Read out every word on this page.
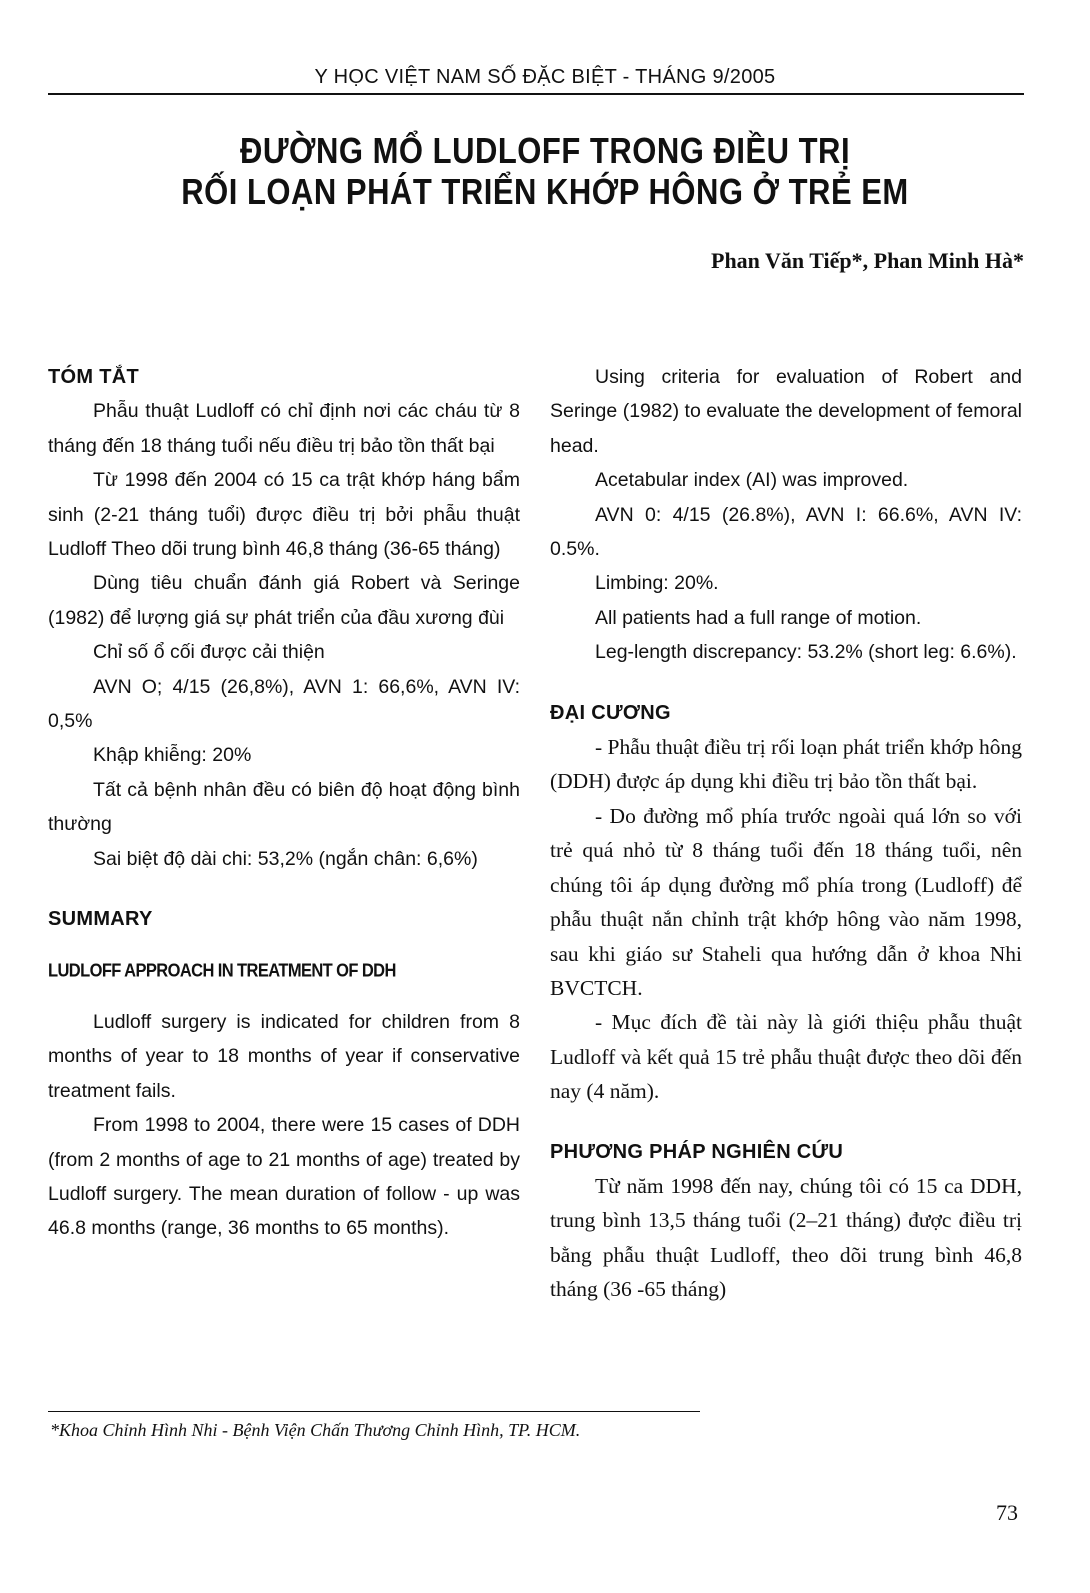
Y HỌC VIỆT NAM SỐ ĐẶC BIỆT - THÁNG 9/2005
ĐƯỜNG MỔ LUDLOFF TRONG ĐIỀU TRỊ
RỐI LOẠN PHÁT TRIỂN KHỚP HÔNG Ở TRẺ EM
Phan Văn Tiếp*, Phan Minh Hà*

TÓM TẮT

Phẫu thuật Ludloff có chỉ định nơi các cháu từ 8 tháng đến 18 tháng tuổi nếu điều trị bảo tồn thất bại

Từ 1998 đến 2004 có 15 ca trật khớp háng bẩm sinh (2-21 tháng tuổi) được điều trị bởi phẫu thuật Ludloff Theo dõi trung bình 46,8 tháng (36-65 tháng)

Dùng tiêu chuẩn đánh giá Robert và Seringe (1982) để lượng giá sự phát triển của đầu xương đùi

Chỉ số ổ cối được cải thiện

AVN O; 4/15 (26,8%), AVN 1: 66,6%, AVN IV: 0,5%

Khập khiễng: 20%

Tất cả bệnh nhân đều có biên độ hoạt động bình thường

Sai biệt độ dài chi: 53,2% (ngắn chân: 6,6%)

SUMMARY

LUDLOFF APPROACH IN TREATMENT OF DDH

Ludloff surgery is indicated for children from 8 months of year to 18 months of year if conservative treatment fails.

From 1998 to 2004, there were 15 cases of DDH (from 2 months of age to 21 months of age) treated by Ludloff surgery. The mean duration of follow - up was 46.8 months (range, 36 months to 65 months).

Using criteria for evaluation of Robert and Seringe (1982) to evaluate the development of femoral head.

Acetabular index (AI) was improved.

AVN 0: 4/15 (26.8%), AVN I: 66.6%, AVN IV: 0.5%.

Limbing: 20%.

All patients had a full range of motion.

Leg-length discrepancy: 53.2% (short leg: 6.6%).

ĐẠI CƯƠNG

- Phẫu thuật điều trị rối loạn phát triển khớp hông (DDH) được áp dụng khi điều trị bảo tồn thất bại.

- Do đường mổ phía trước ngoài quá lớn so với trẻ quá nhỏ từ 8 tháng tuổi đến 18 tháng tuổi, nên chúng tôi áp dụng đường mổ phía trong (Ludloff) để phẫu thuật nắn chỉnh trật khớp hông vào năm 1998, sau khi giáo sư Staheli qua hướng dẫn ở khoa Nhi BVCTCH.

- Mục đích đề tài này là giới thiệu phẫu thuật Ludloff và kết quả 15 trẻ phẫu thuật được theo dõi đến nay (4 năm).

PHƯƠNG PHÁP NGHIÊN CỨU

Từ năm 1998 đến nay, chúng tôi có 15 ca DDH, trung bình 13,5 tháng tuổi (2–21 tháng) được điều trị bằng phẫu thuật Ludloff, theo dõi trung bình 46,8 tháng (36 -65 tháng)

*Khoa Chỉnh Hình Nhi - Bệnh Viện Chấn Thương Chỉnh Hình, TP. HCM.
73
